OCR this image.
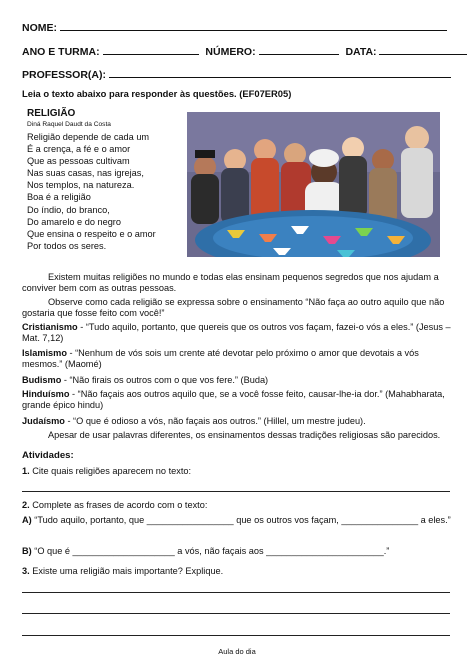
NOME:
ANO E TURMA:	NÚMERO:	DATA:
PROFESSOR(A):
Leia o texto abaixo para responder às questões. (EF07ER05)
RELIGIÃO
Diná Raquel Daudt da Costa
Religião depende de cada um
É a crença, a fé e o amor
Que as pessoas cultivam
Nas suas casas, nas igrejas,
Nos templos, na natureza.
Boa é a religião
Do índio, do branco,
Do amarelo e do negro
Que ensina o respeito e o amor
Por todos os seres.
Existem muitas religiões no mundo e todas elas ensinam pequenos segredos que nos ajudam a conviver bem com as outras pessoas.
Observe como cada religião se expressa sobre o ensinamento “Não faça ao outro aquilo que não gostaria que fosse feito com você!”
Cristianismo - “Tudo aquilo, portanto, que quereis que os outros vos façam, fazei-o vós a eles.” (Jesus – Mat. 7,12)
Islamismo - “Nenhum de vós sois um crente até devotar pelo próximo o amor que devotais a vós mesmos.” (Maomé)
Budismo - “Não firais os outros com o que vos fere.” (Buda)
Hinduísmo - “Não façais aos outros aquilo que, se a você fosse feito, causar-lhe-ia dor.” (Mahabharata, grande épico hindu)
Judaísmo - “O que é odioso a vós, não façais aos outros.” (Hillel, um mestre judeu).
Apesar de usar palavras diferentes, os ensinamentos dessas tradições religiosas são parecidos.
Atividades:
1. Cite quais religiões aparecem no texto:
2. Complete as frases de acordo com o texto:
A) “Tudo aquilo, portanto, que _________________ que os outros vos façam, _______________ a eles.”
B) “O que é ____________________ a vós, não façais aos _______________________.”
3. Existe uma religião mais importante? Explique.
Aula do dia
